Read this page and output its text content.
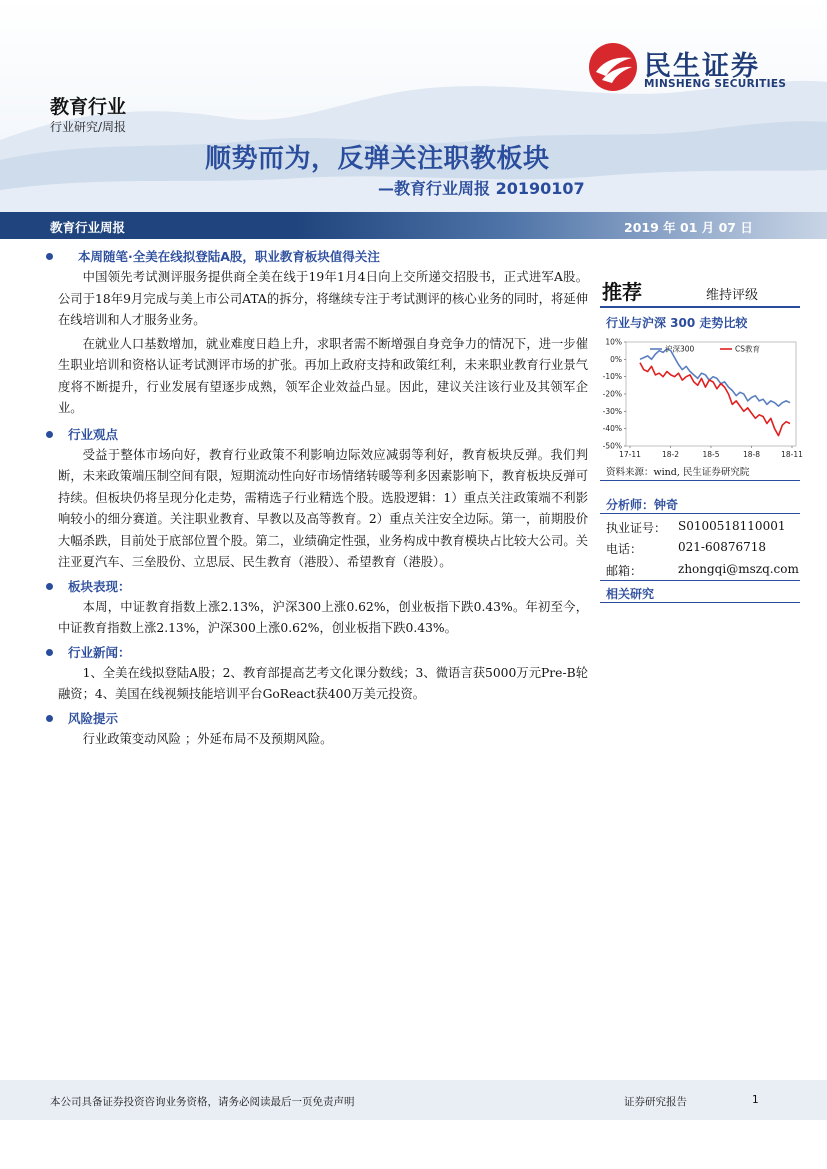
民生证券
MINSHENG SECURITIES
教育行业
行业研究/周报
顺势而为，反弹关注职教板块
—教育行业周报 20190107
教育行业周报	2019 年 01 月 07 日
本周随笔·全美在线拟登陆A股，职业教育板块值得关注
中国领先考试测评服务提供商全美在线于19年1月4日向上交所递交招股书，正式进军A股。公司于18年9月完成与美上市公司ATA的拆分，将继续专注于考试测评的核心业务的同时，将延伸在线培训和人才服务业务。
在就业人口基数增加，就业难度日趋上升，求职者需不断增强自身竞争力的情况下，进一步催生职业培训和资格认证考试测评市场的扩张。再加上政府支持和政策红利，未来职业教育行业景气度将不断提升，行业发展有望逐步成熟，领军企业效益凸显。因此，建议关注该行业及其领军企业。
行业观点
受益于整体市场向好，教育行业政策不利影响边际效应减弱等利好，教育板块反弹。我们判断，未来政策端压制空间有限，短期流动性向好市场情绪转暖等利多因素影响下，教育板块反弹可持续。但板块仍将呈现分化走势，需精选子行业精选个股。选股逻辑：1）重点关注政策端不利影响较小的细分赛道。关注职业教育、早教以及高等教育。2）重点关注安全边际。第一，前期股价大幅杀跌，目前处于底部位置个股。第二，业绩确定性强，业务构成中教育模块占比较大公司。关注亚夏汽车、三垒股份、立思辰、民生教育（港股）、希望教育（港股）。
板块表现：
本周，中证教育指数上涨2.13%，沪深300上涨0.62%，创业板指下跌0.43%。年初至今，中证教育指数上涨2.13%，沪深300上涨0.62%，创业板指下跌0.43%。
行业新闻：
1、全美在线拟登陆A股；2、教育部提高艺考文化课分数线；3、微语言获5000万元Pre-B轮融资；4、美国在线视频技能培训平台GoReact获400万美元投资。
风险提示
行业政策变动风险 ；外延布局不及预期风险。
推荐	维持评级
行业与沪深 300 走势比较
10%
0%
-10%
-20%
-30%
-40%
-50%
17-11	18-2	18-5	18-8	18-11
沪深300	CS教育
资料来源：wind, 民生证券研究院
分析师：钟奇
执业证号： S0100518110001
电话：	021-60876718
邮箱：	zhongqi@mszq.com
相关研究
本公司具备证券投资咨询业务资格，请务必阅读最后一页免责声明	证券研究报告	1
